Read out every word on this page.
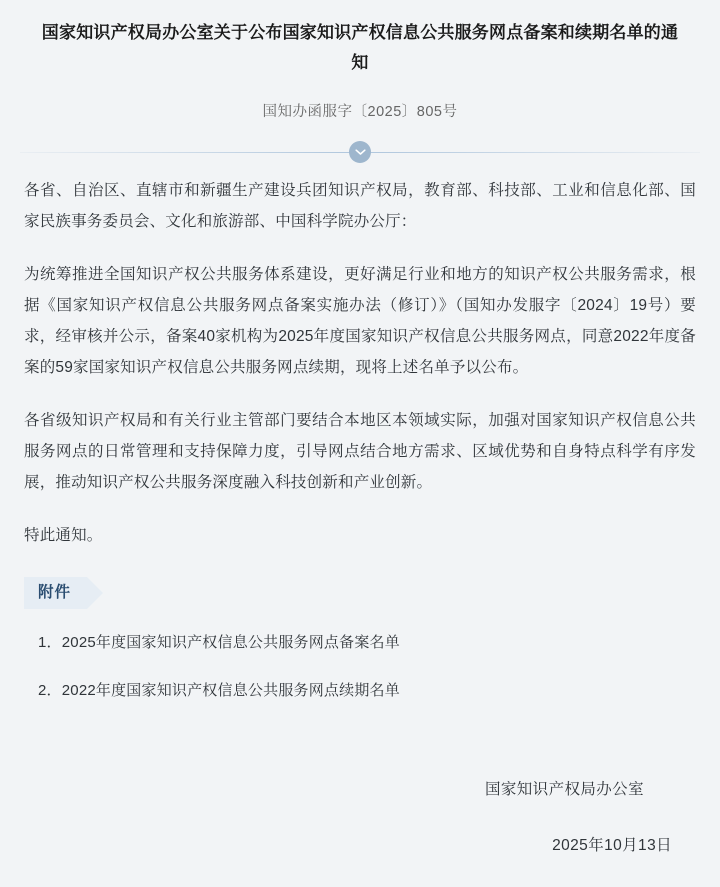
国家知识产权局办公室关于公布国家知识产权信息公共服务网点备案和续期名单的通知
国知办函服字〔2025〕805号

各省、自治区、直辖市和新疆生产建设兵团知识产权局，教育部、科技部、工业和信息化部、国家民族事务委员会、文化和旅游部、中国科学院办公厅：

为统筹推进全国知识产权公共服务体系建设，更好满足行业和地方的知识产权公共服务需求，根据《国家知识产权信息公共服务网点备案实施办法（修订）》（国知办发服字〔2024〕19号）要求，经审核并公示，备案40家机构为2025年度国家知识产权信息公共服务网点，同意2022年度备案的59家国家知识产权信息公共服务网点续期，现将上述名单予以公布。

各省级知识产权局和有关行业主管部门要结合本地区本领域实际，加强对国家知识产权信息公共服务网点的日常管理和支持保障力度，引导网点结合地方需求、区域优势和自身特点科学有序发展，推动知识产权公共服务深度融入科技创新和产业创新。

特此通知。

附件
1．2025年度国家知识产权信息公共服务网点备案名单
2．2022年度国家知识产权信息公共服务网点续期名单
国家知识产权局办公室
2025年10月13日
